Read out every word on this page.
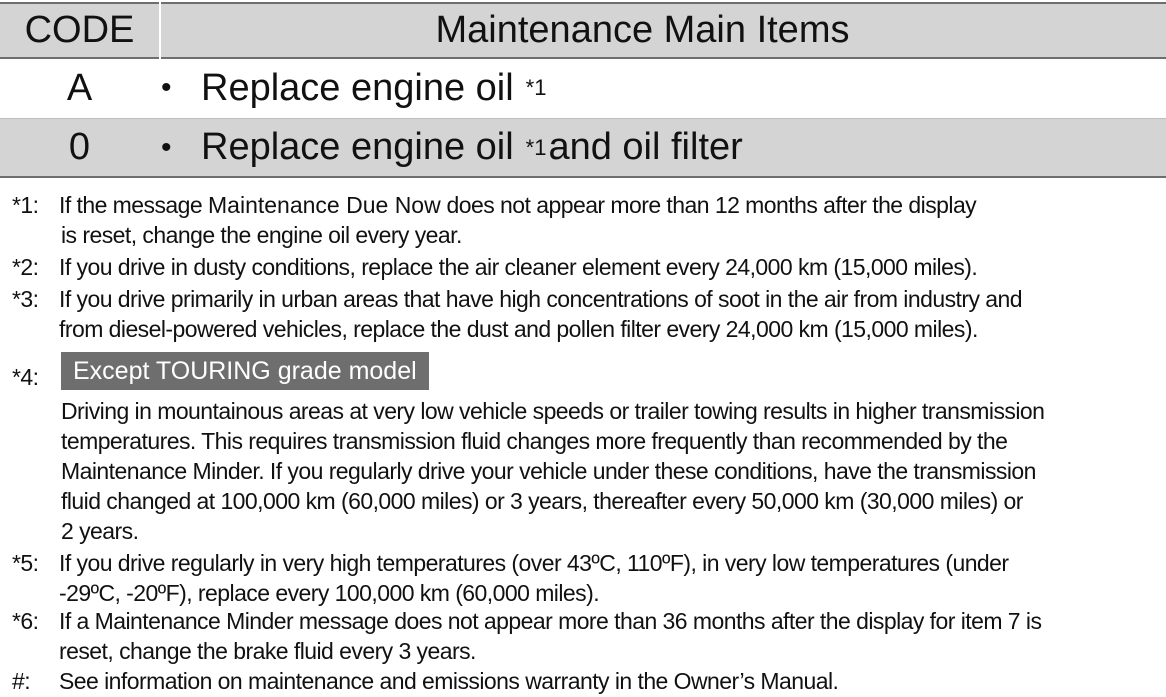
CODE	Maintenance Main Items
A	• Replace engine oil *1
0	• Replace engine oil *1 and oil filter
*1: If the message Maintenance Due Now does not appear more than 12 months after the display
is reset, change the engine oil every year.
*2: If you drive in dusty conditions, replace the air cleaner element every 24,000 km (15,000 miles).
*3: If you drive primarily in urban areas that have high concentrations of soot in the air from industry and
from diesel-powered vehicles, replace the dust and pollen filter every 24,000 km (15,000 miles).
*4:	Except TOURING grade model
Driving in mountainous areas at very low vehicle speeds or trailer towing results in higher transmission
temperatures. This requires transmission fluid changes more frequently than recommended by the
Maintenance Minder. If you regularly drive your vehicle under these conditions, have the transmission
fluid changed at 100,000 km (60,000 miles) or 3 years, thereafter every 50,000 km (30,000 miles) or
2 years.
*5: If you drive regularly in very high temperatures (over 43ºC, 110ºF), in very low temperatures (under
-29ºC, -20ºF), replace every 100,000 km (60,000 miles).
*6: If a Maintenance Minder message does not appear more than 36 months after the display for item 7 is
reset, change the brake fluid every 3 years.
#:	See information on maintenance and emissions warranty in the Owner’s Manual.
